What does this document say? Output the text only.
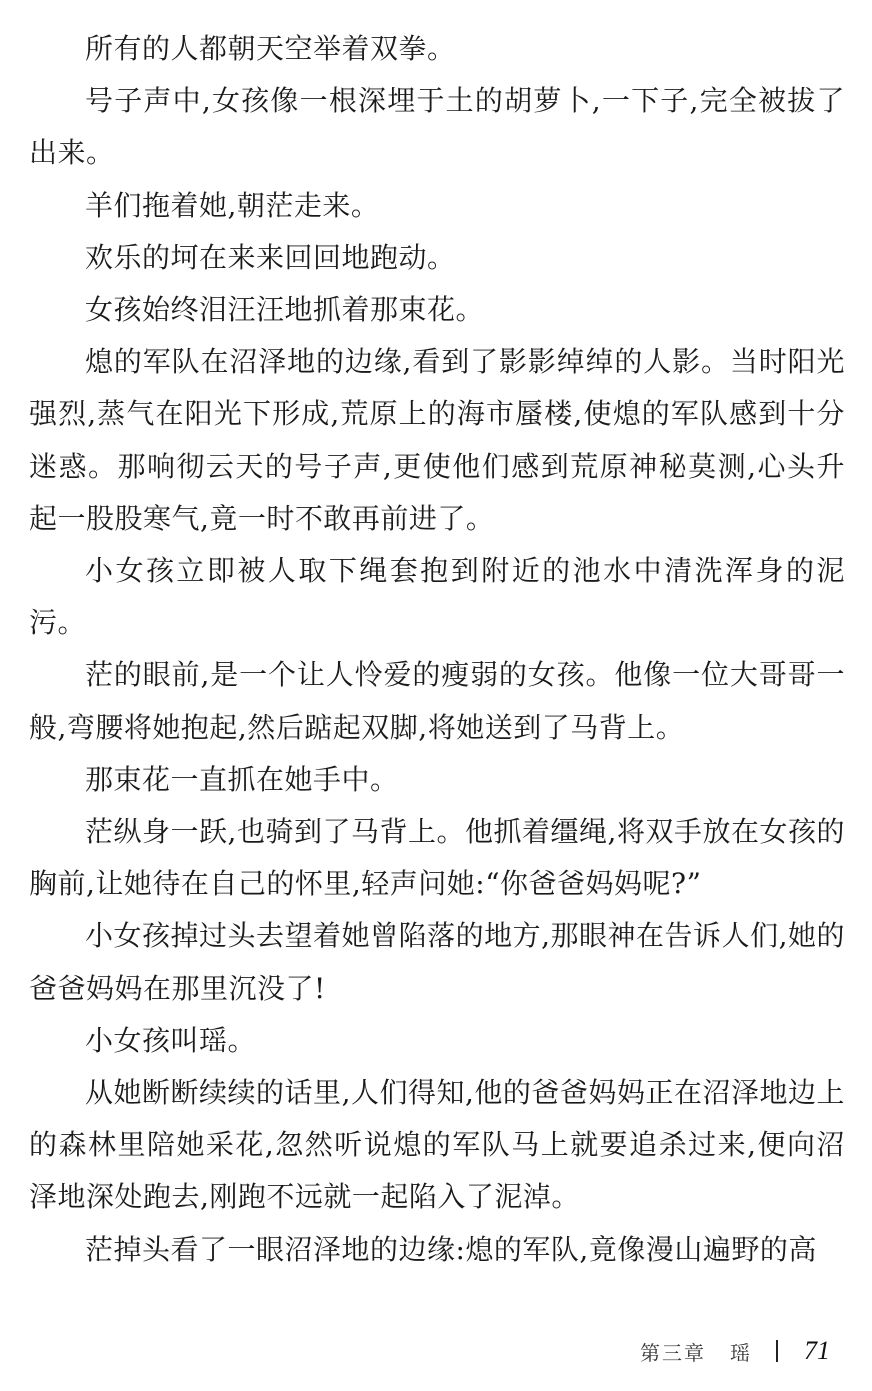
所有的人都朝天空举着双拳。

号子声中,女孩像一根深埋于土的胡萝卜,一下子,完全被拔了出来。

羊们拖着她,朝茫走来。

欢乐的坷在来来回回地跑动。

女孩始终泪汪汪地抓着那束花。

熄的军队在沼泽地的边缘,看到了影影绰绰的人影。当时阳光强烈,蒸气在阳光下形成,荒原上的海市蜃楼,使熄的军队感到十分迷惑。那响彻云天的号子声,更使他们感到荒原神秘莫测,心头升起一股股寒气,竟一时不敢再前进了。

小女孩立即被人取下绳套抱到附近的池水中清洗浑身的泥污。

茫的眼前,是一个让人怜爱的瘦弱的女孩。他像一位大哥哥一般,弯腰将她抱起,然后踮起双脚,将她送到了马背上。

那束花一直抓在她手中。

茫纵身一跃,也骑到了马背上。他抓着缰绳,将双手放在女孩的胸前,让她待在自己的怀里,轻声问她:“你爸爸妈妈呢?”

小女孩掉过头去望着她曾陷落的地方,那眼神在告诉人们,她的爸爸妈妈在那里沉没了!

小女孩叫瑶。

从她断断续续的话里,人们得知,他的爸爸妈妈正在沼泽地边上的森林里陪她采花,忽然听说熄的军队马上就要追杀过来,便向沼泽地深处跑去,刚跑不远就一起陷入了泥淖。

茫掉头看了一眼沼泽地的边缘:熄的军队,竟像漫山遍野的高

第三章 瑶 71
